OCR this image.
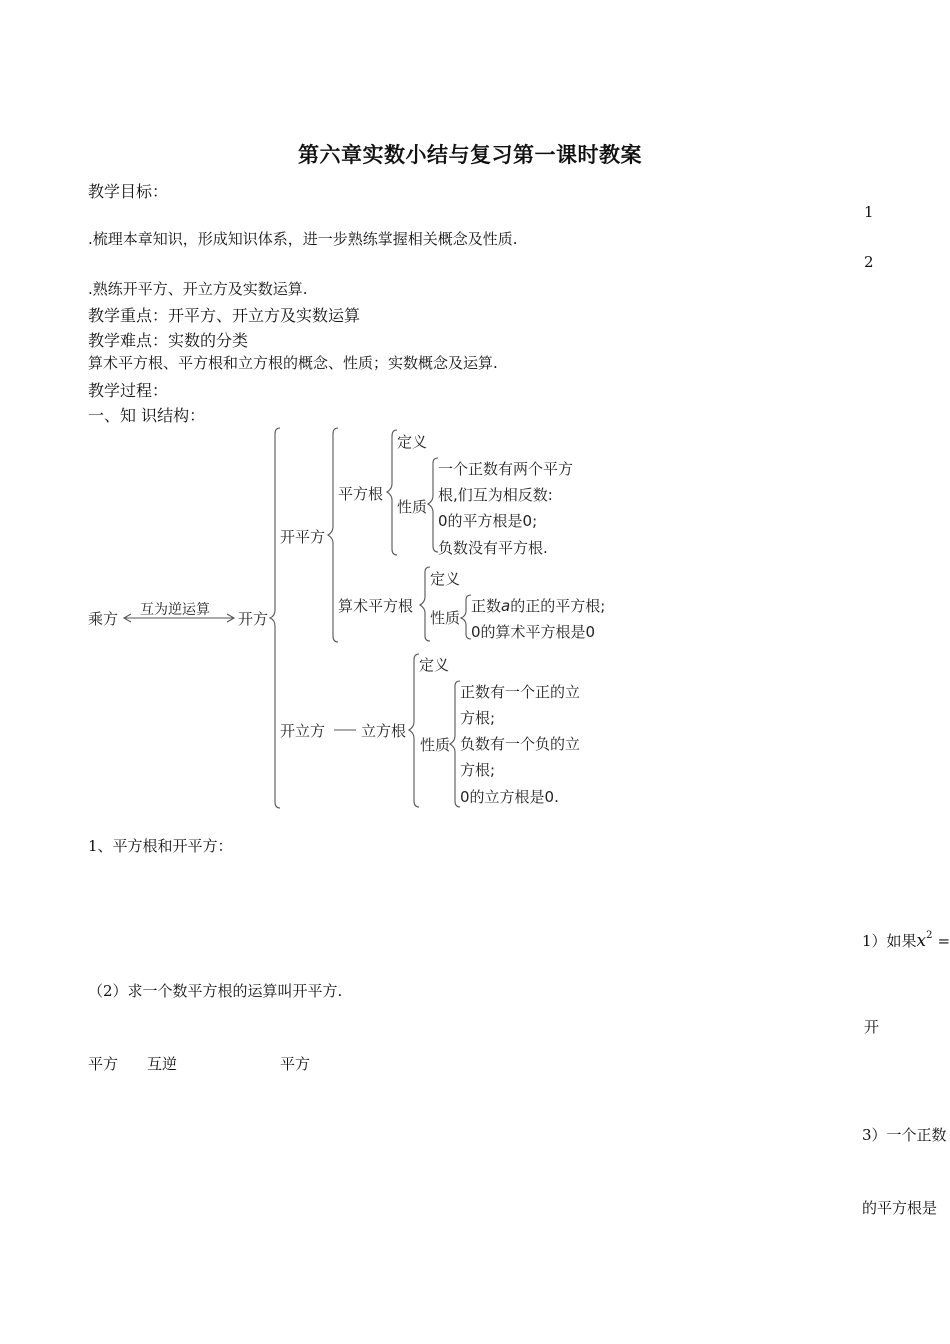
第六章实数小结与复习第一课时教案
教学目标：
1
.梳理本章知识，形成知识体系，进一步熟练掌握相关概念及性质.
2
.熟练开平方、开立方及实数运算.
教学重点：开平方、开立方及实数运算
教学难点：实数的分类
算术平方根、平方根和立方根的概念、性质；实数概念及运算.
教学过程：
一、知 识结构：
乘方 互为逆运算 开方
开平方
平方根
定义
性质
一个正数有两个平方
根,们互为相反数:
0的平方根是0;
负数没有平方根.
算术平方根
定义
性质
正数a的正的平方根;
0的算术平方根是0
开立方 立方根
定义
性质
正数有一个正的立
方根;
负数有一个负的立
方根;
0的立方根是0.
1、平方根和开平方：
1）如果$x^2$ =
（2）求一个数平方根的运算叫开平方.
开
平方 互逆	平方
3）一个正数
的平方根是
